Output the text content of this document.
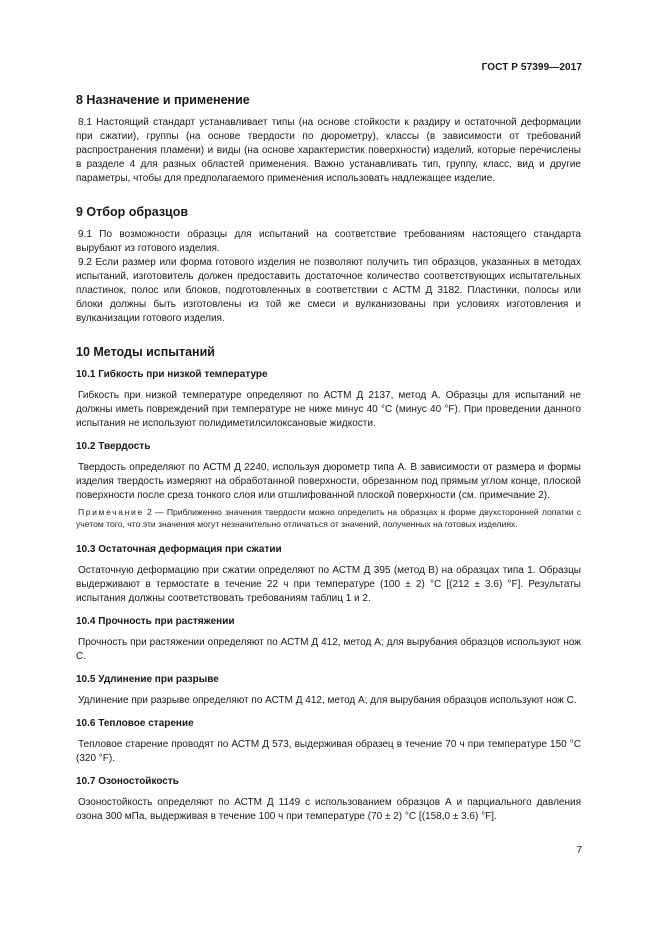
ГОСТ Р 57399—2017
8 Назначение и применение

8.1 Настоящий стандарт устанавливает типы (на основе стойкости к раздиру и остаточной деформации при сжатии), группы (на основе твердости по дюрометру), классы (в зависимости от требований распространения пламени) и виды (на основе характеристик поверхности) изделий, которые перечислены в разделе 4 для разных областей применения. Важно устанавливать тип, группу, класс, вид и другие параметры, чтобы для предполагаемого применения использовать надлежащее изделие.

9 Отбор образцов

9.1 По возможности образцы для испытаний на соответствие требованиям настоящего стандарта вырубают из готового изделия.

9.2 Если размер или форма готового изделия не позволяют получить тип образцов, указанных в методах испытаний, изготовитель должен предоставить достаточное количество соответствующих испытательных пластинок, полос или блоков, подготовленных в соответствии с АСТМ Д 3182. Пластинки, полосы или блоки должны быть изготовлены из той же смеси и вулканизованы при условиях изготовления и вулканизации готового изделия.

10 Методы испытаний
10.1 Гибкость при низкой температуре

Гибкость при низкой температуре определяют по АСТМ Д 2137, метод А. Образцы для испытаний не должны иметь повреждений при температуре не ниже минус 40 °С (минус 40 °F). При проведении данного испытания не используют полидиметилсилоксановые жидкости.

10.2 Твердость

Твердость определяют по АСТМ Д 2240, используя дюрометр типа А. В зависимости от размера и формы изделия твердость измеряют на обработанной поверхности, обрезанном под прямым углом конце, плоской поверхности после среза тонкого слоя или отшлифованной плоской поверхности (см. примечание 2).

Примечание 2 — Приближенно значения твердости можно определить на образцах в форме двухсторонней лопатки с учетом того, что эти значения могут незначительно отличаться от значений, полученных на готовых изделиях.
10.3 Остаточная деформация при сжатии

Остаточную деформацию при сжатии определяют по АСТМ Д 395 (метод В) на образцах типа 1. Образцы выдерживают в термостате в течение 22 ч при температуре (100 ± 2) °С [(212 ± 3,6) °F]. Результаты испытания должны соответствовать требованиям таблиц 1 и 2.

10.4 Прочность при растяжении

Прочность при растяжении определяют по АСТМ Д 412, метод А; для вырубания образцов используют нож С.

10.5 Удлинение при разрыве

Удлинение при разрыве определяют по АСТМ Д 412, метод А; для вырубания образцов используют нож С.

10.6 Тепловое старение

Тепловое старение проводят по АСТМ Д 573, выдерживая образец в течение 70 ч при температуре 150 °С (320 °F).

10.7 Озоностойкость

Озоностойкость определяют по АСТМ Д 1149 с использованием образцов А и парциального давления озона 300 мПа, выдерживая в течение 100 ч при температуре (70 ± 2) °С [(158,0 ± 3,6) °F].

7
